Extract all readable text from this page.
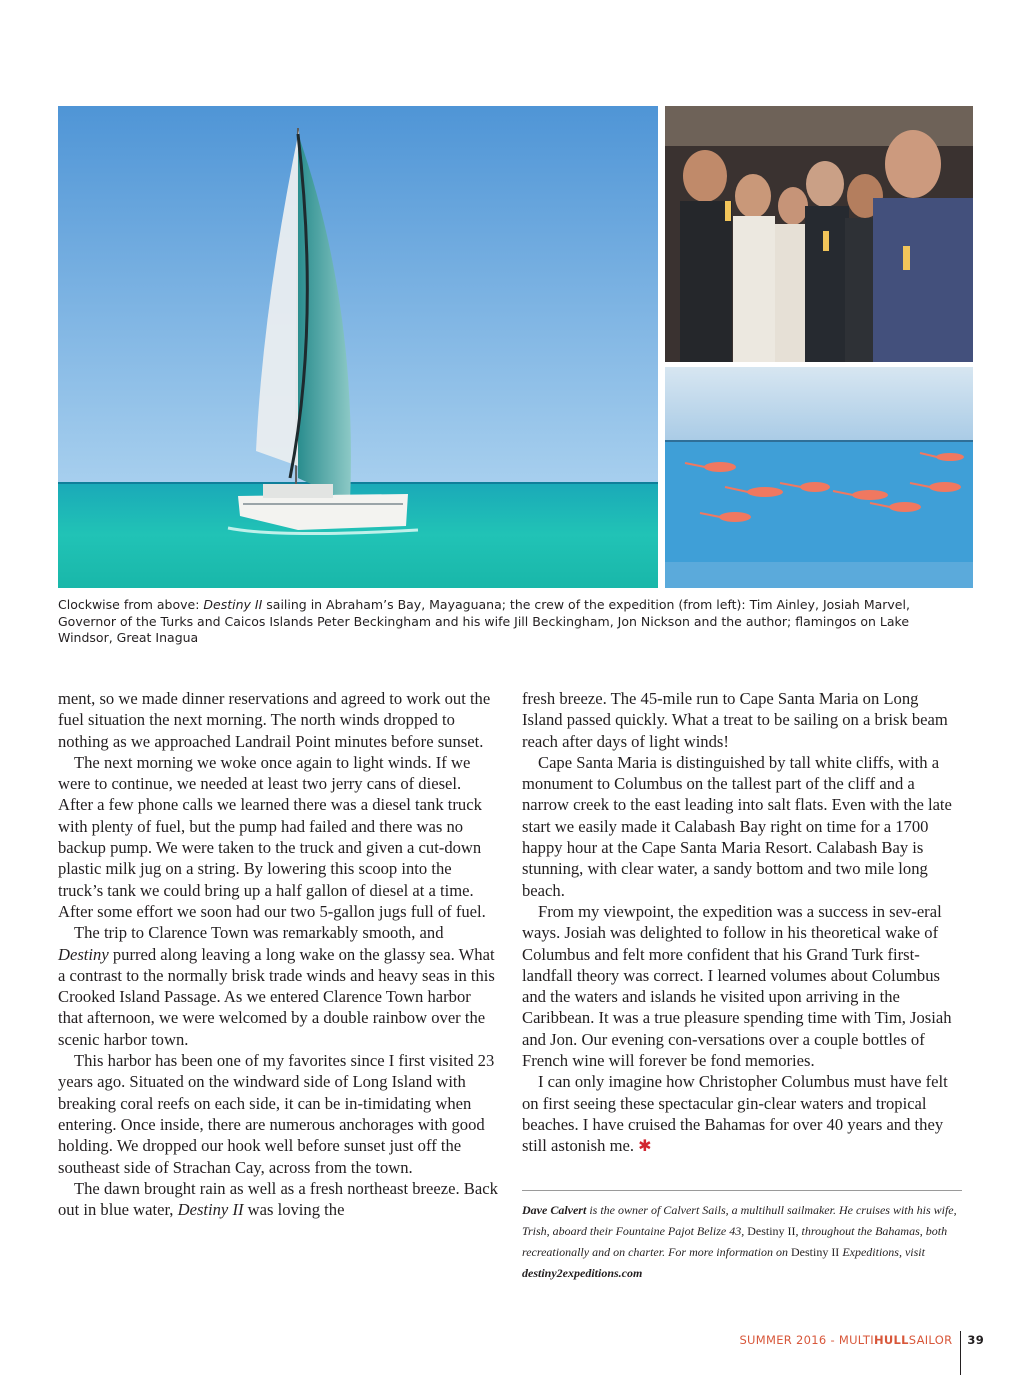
Clockwise from above: Destiny II sailing in Abraham’s Bay, Mayaguana; the crew of the expedition (from left): Tim Ainley, Josiah Marvel, Governor of the Turks and Caicos Islands Peter Beckingham and his wife Jill Beckingham, Jon Nickson and the author; flamingos on Lake Windsor, Great Inagua

ment, so we made dinner reservations and agreed to work out the fuel situation the next morning. The north winds dropped to nothing as we approached Landrail Point minutes before sunset.

The next morning we woke once again to light winds. If we were to continue, we needed at least two jerry cans of diesel. After a few phone calls we learned there was a diesel tank truck with plenty of fuel, but the pump had failed and there was no backup pump. We were taken to the truck and given a cut-down plastic milk jug on a string. By lowering this scoop into the truck’s tank we could bring up a half gallon of diesel at a time. After some effort we soon had our two 5-gallon jugs full of fuel.

The trip to Clarence Town was remarkably smooth, and Destiny purred along leaving a long wake on the glassy sea. What a contrast to the normally brisk trade winds and heavy seas in this Crooked Island Passage. As we entered Clarence Town harbor that afternoon, we were welcomed by a double rainbow over the scenic harbor town.

This harbor has been one of my favorites since I first visited 23 years ago. Situated on the windward side of Long Island with breaking coral reefs on each side, it can be in-timidating when entering. Once inside, there are numerous anchorages with good holding. We dropped our hook well before sunset just off the southeast side of Strachan Cay, across from the town.

The dawn brought rain as well as a fresh northeast breeze. Back out in blue water, Destiny II was loving the

fresh breeze. The 45-mile run to Cape Santa Maria on Long Island passed quickly. What a treat to be sailing on a brisk beam reach after days of light winds!

Cape Santa Maria is distinguished by tall white cliffs, with a monument to Columbus on the tallest part of the cliff and a narrow creek to the east leading into salt flats. Even with the late start we easily made it Calabash Bay right on time for a 1700 happy hour at the Cape Santa Maria Resort. Calabash Bay is stunning, with clear water, a sandy bottom and two mile long beach.

From my viewpoint, the expedition was a success in sev-eral ways. Josiah was delighted to follow in his theoretical wake of Columbus and felt more confident that his Grand Turk first-landfall theory was correct. I learned volumes about Columbus and the waters and islands he visited upon arriving in the Caribbean. It was a true pleasure spending time with Tim, Josiah and Jon. Our evening con-versations over a couple bottles of French wine will forever be fond memories.

I can only imagine how Christopher Columbus must have felt on first seeing these spectacular gin-clear waters and tropical beaches. I have cruised the Bahamas for over 40 years and they still astonish me. ✱

Dave Calvert is the owner of Calvert Sails, a multihull sailmaker. He cruises with his wife, Trish, aboard their Fountaine Pajot Belize 43, Destiny II, throughout the Bahamas, both recreationally and on charter. For more information on Destiny II Expeditions, visit destiny2expeditions.com
SUMMER 2016 - MULTIHULLSAILOR 39
